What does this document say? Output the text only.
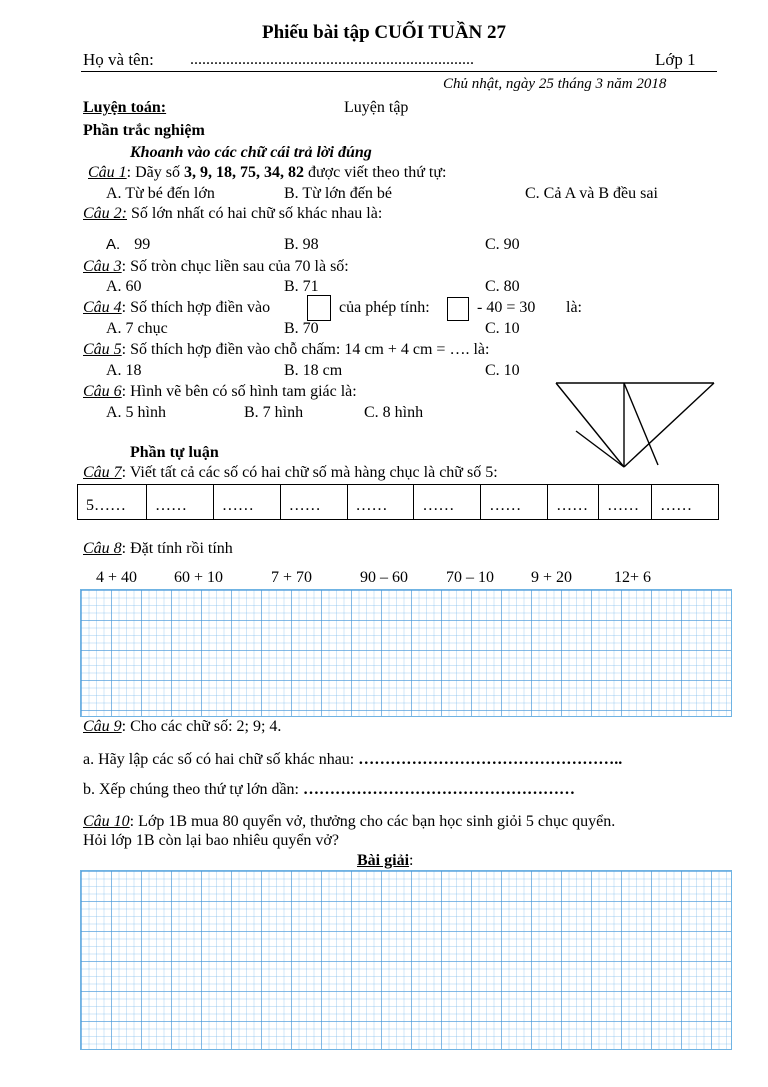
Phiếu bài tập CUỐI TUẦN 27
Họ và tên: .......................................................................	Lớp 1
Chủ nhật, ngày 25 tháng 3 năm 2018
Luyện toán:	Luyện tập
Phần trắc nghiệm
Khoanh vào các chữ cái trả lời đúng
Câu 1: Dãy số 3, 9, 18, 75, 34, 82 được viết theo thứ tự:
A. Từ bé đến lớn	B. Từ lớn đến bé	C. Cả A và B đều sai
Câu 2: Số lớn nhất có hai chữ số khác nhau là:
A. 99	B. 98	C. 90
Câu 3: Số tròn chục liền sau của 70 là số:
A. 60	B. 71	C. 80
Câu 4: Số thích hợp điền vào	của phép tính:	- 40 = 30 là:
A. 7 chục	B. 70	C. 10
Câu 5: Số thích hợp điền vào chỗ chấm: 14 cm + 4 cm = …. là:
A. 18	B. 18 cm	C. 10
Câu 6: Hình vẽ bên có số hình tam giác là:
A. 5 hình	B. 7 hình	C. 8 hình
Phần tự luận
Câu 7: Viết tất cả các số có hai chữ số mà hàng chục là chữ số 5:
5……	……	……	……	……	……	……	……	……	……
Câu 8: Đặt tính rồi tính
4 + 40 60 + 10	7 + 70	90 – 60 70 – 10 9 + 20	12+ 6
Câu 9: Cho các chữ số: 2; 9; 4.
a. Hãy lập các số có hai chữ số khác nhau: …………………………………………..
b. Xếp chúng theo thứ tự lớn dần: ……………………………………………
Câu 10: Lớp 1B mua 80 quyển vở, thưởng cho các bạn học sinh giỏi 5 chục quyển.
Hỏi lớp 1B còn lại bao nhiêu quyển vở?
Bài giải:
